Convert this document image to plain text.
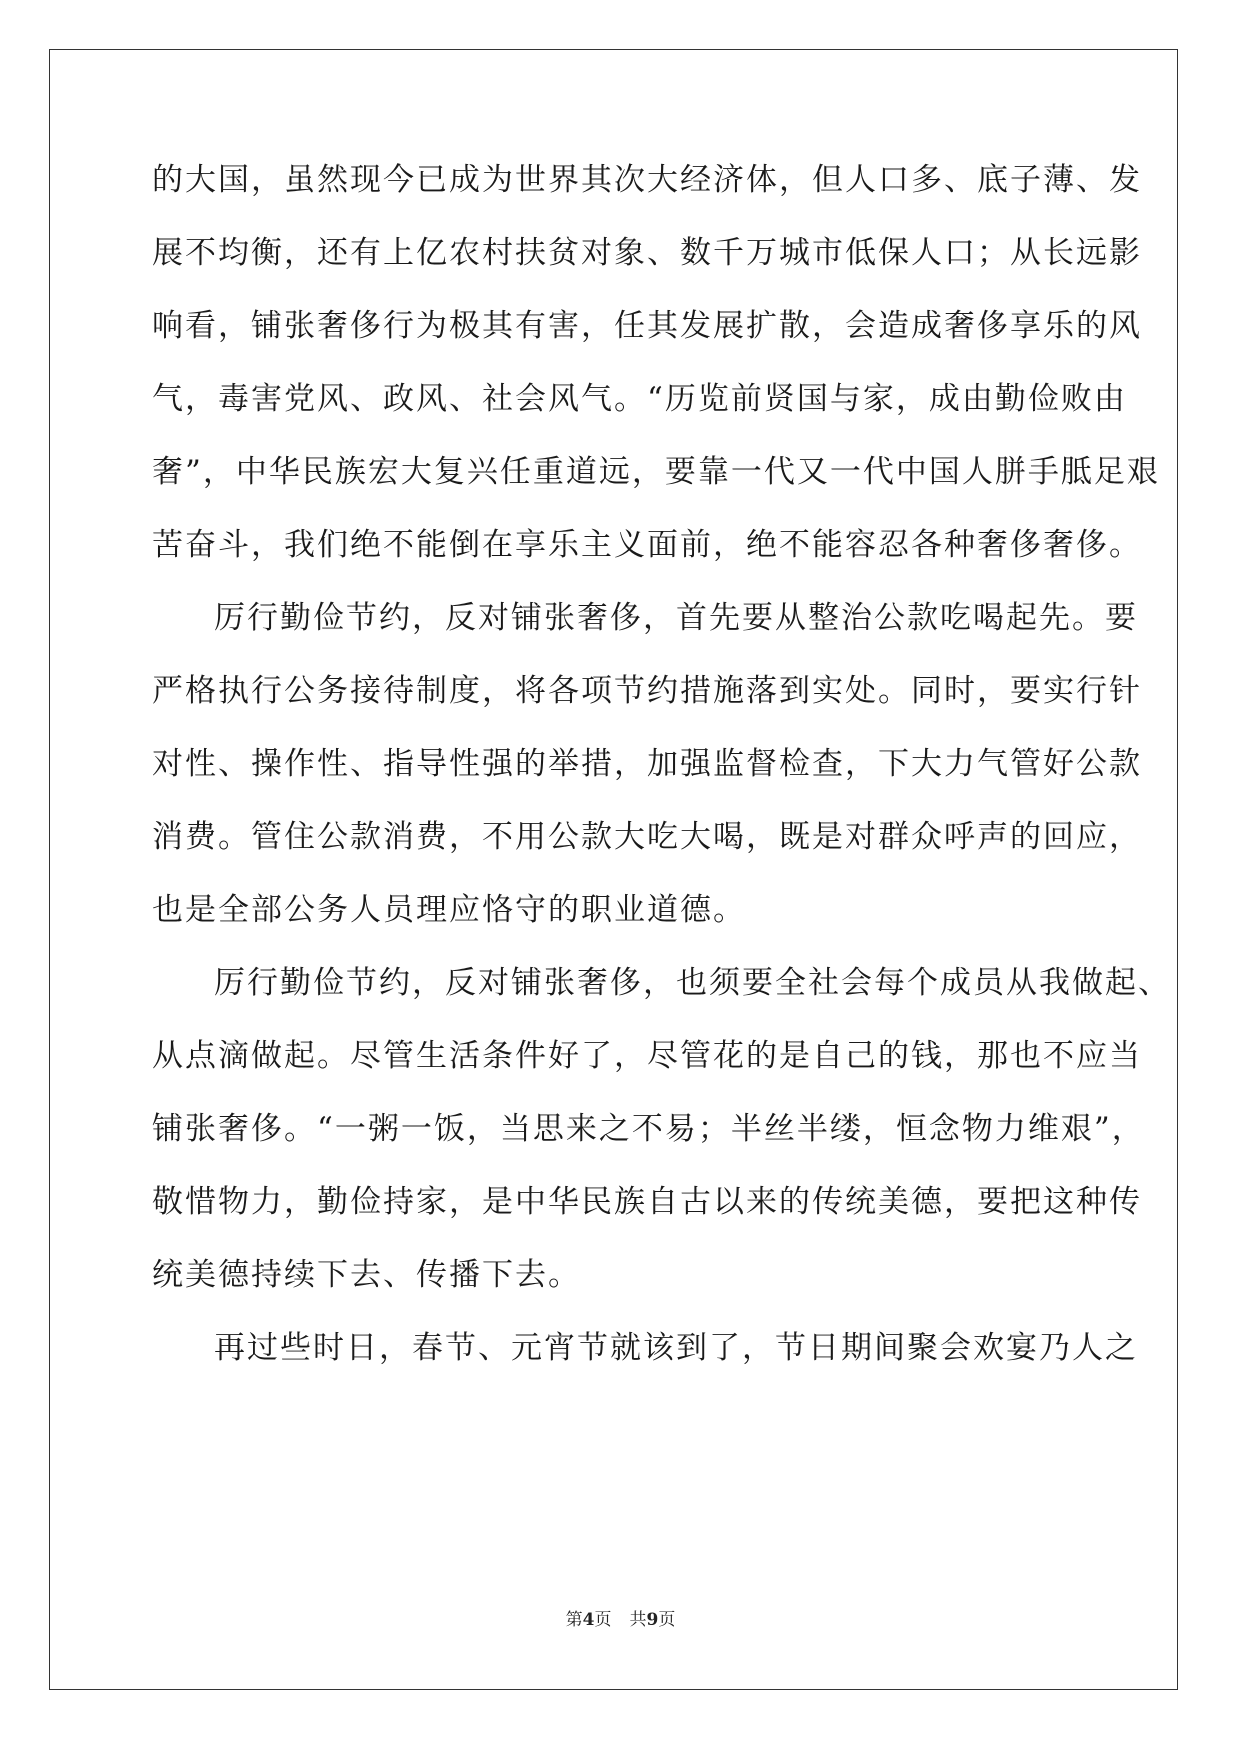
的大国，虽然现今已成为世界其次大经济体，但人口多、底子薄、发
展不均衡，还有上亿农村扶贫对象、数千万城市低保人口；从长远影
响看，铺张奢侈行为极其有害，任其发展扩散，会造成奢侈享乐的风
气，毒害党风、政风、社会风气。“历览前贤国与家，成由勤俭败由
奢”，中华民族宏大复兴任重道远，要靠一代又一代中国人胼手胝足艰
苦奋斗，我们绝不能倒在享乐主义面前，绝不能容忍各种奢侈奢侈。
厉行勤俭节约，反对铺张奢侈，首先要从整治公款吃喝起先。要
严格执行公务接待制度，将各项节约措施落到实处。同时，要实行针
对性、操作性、指导性强的举措，加强监督检查，下大力气管好公款
消费。管住公款消费，不用公款大吃大喝，既是对群众呼声的回应，
也是全部公务人员理应恪守的职业道德。
厉行勤俭节约，反对铺张奢侈，也须要全社会每个成员从我做起、
从点滴做起。尽管生活条件好了，尽管花的是自己的钱，那也不应当
铺张奢侈。“一粥一饭，当思来之不易；半丝半缕，恒念物力维艰”，
敬惜物力，勤俭持家，是中华民族自古以来的传统美德，要把这种传
统美德持续下去、传播下去。
再过些时日，春节、元宵节就该到了，节日期间聚会欢宴乃人之
第4页 共9页
